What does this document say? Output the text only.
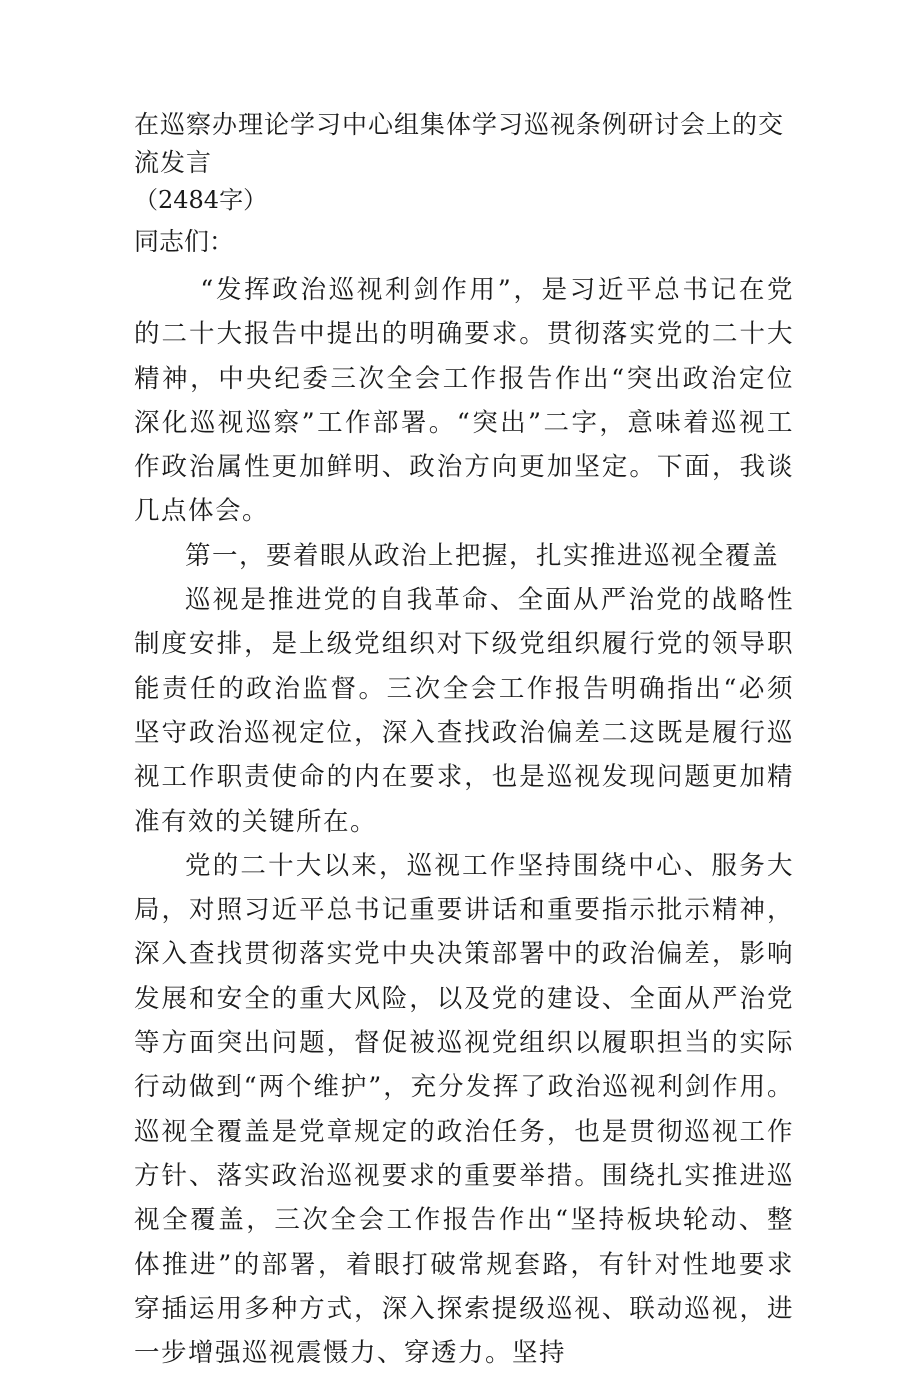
在巡察办理论学习中心组集体学习巡视条例研讨会上的交流发言

（2484字）

同志们：

“发挥政治巡视利剑作用”，是习近平总书记在党的二十大报告中提出的明确要求。贯彻落实党的二十大精神，中央纪委三次全会工作报告作出“突出政治定位深化巡视巡察”工作部署。“突出”二字，意味着巡视工作政治属性更加鲜明、政治方向更加坚定。下面，我谈几点体会。

第一，要着眼从政治上把握，扎实推进巡视全覆盖

巡视是推进党的自我革命、全面从严治党的战略性制度安排，是上级党组织对下级党组织履行党的领导职能责任的政治监督。三次全会工作报告明确指出“必须坚守政治巡视定位，深入查找政治偏差二这既是履行巡视工作职责使命的内在要求，也是巡视发现问题更加精准有效的关键所在。

党的二十大以来，巡视工作坚持围绕中心、服务大局，对照习近平总书记重要讲话和重要指示批示精神，深入查找贯彻落实党中央决策部署中的政治偏差，影响发展和安全的重大风险，以及党的建设、全面从严治党等方面突出问题，督促被巡视党组织以履职担当的实际行动做到“两个维护”，充分发挥了政治巡视利剑作用。巡视全覆盖是党章规定的政治任务，也是贯彻巡视工作方针、落实政治巡视要求的重要举措。围绕扎实推进巡视全覆盖，三次全会工作报告作出“坚持板块轮动、整体推进”的部署，着眼打破常规套路，有针对性地要求穿插运用多种方式，深入探索提级巡视、联动巡视，进一步增强巡视震慑力、穿透力。坚持
